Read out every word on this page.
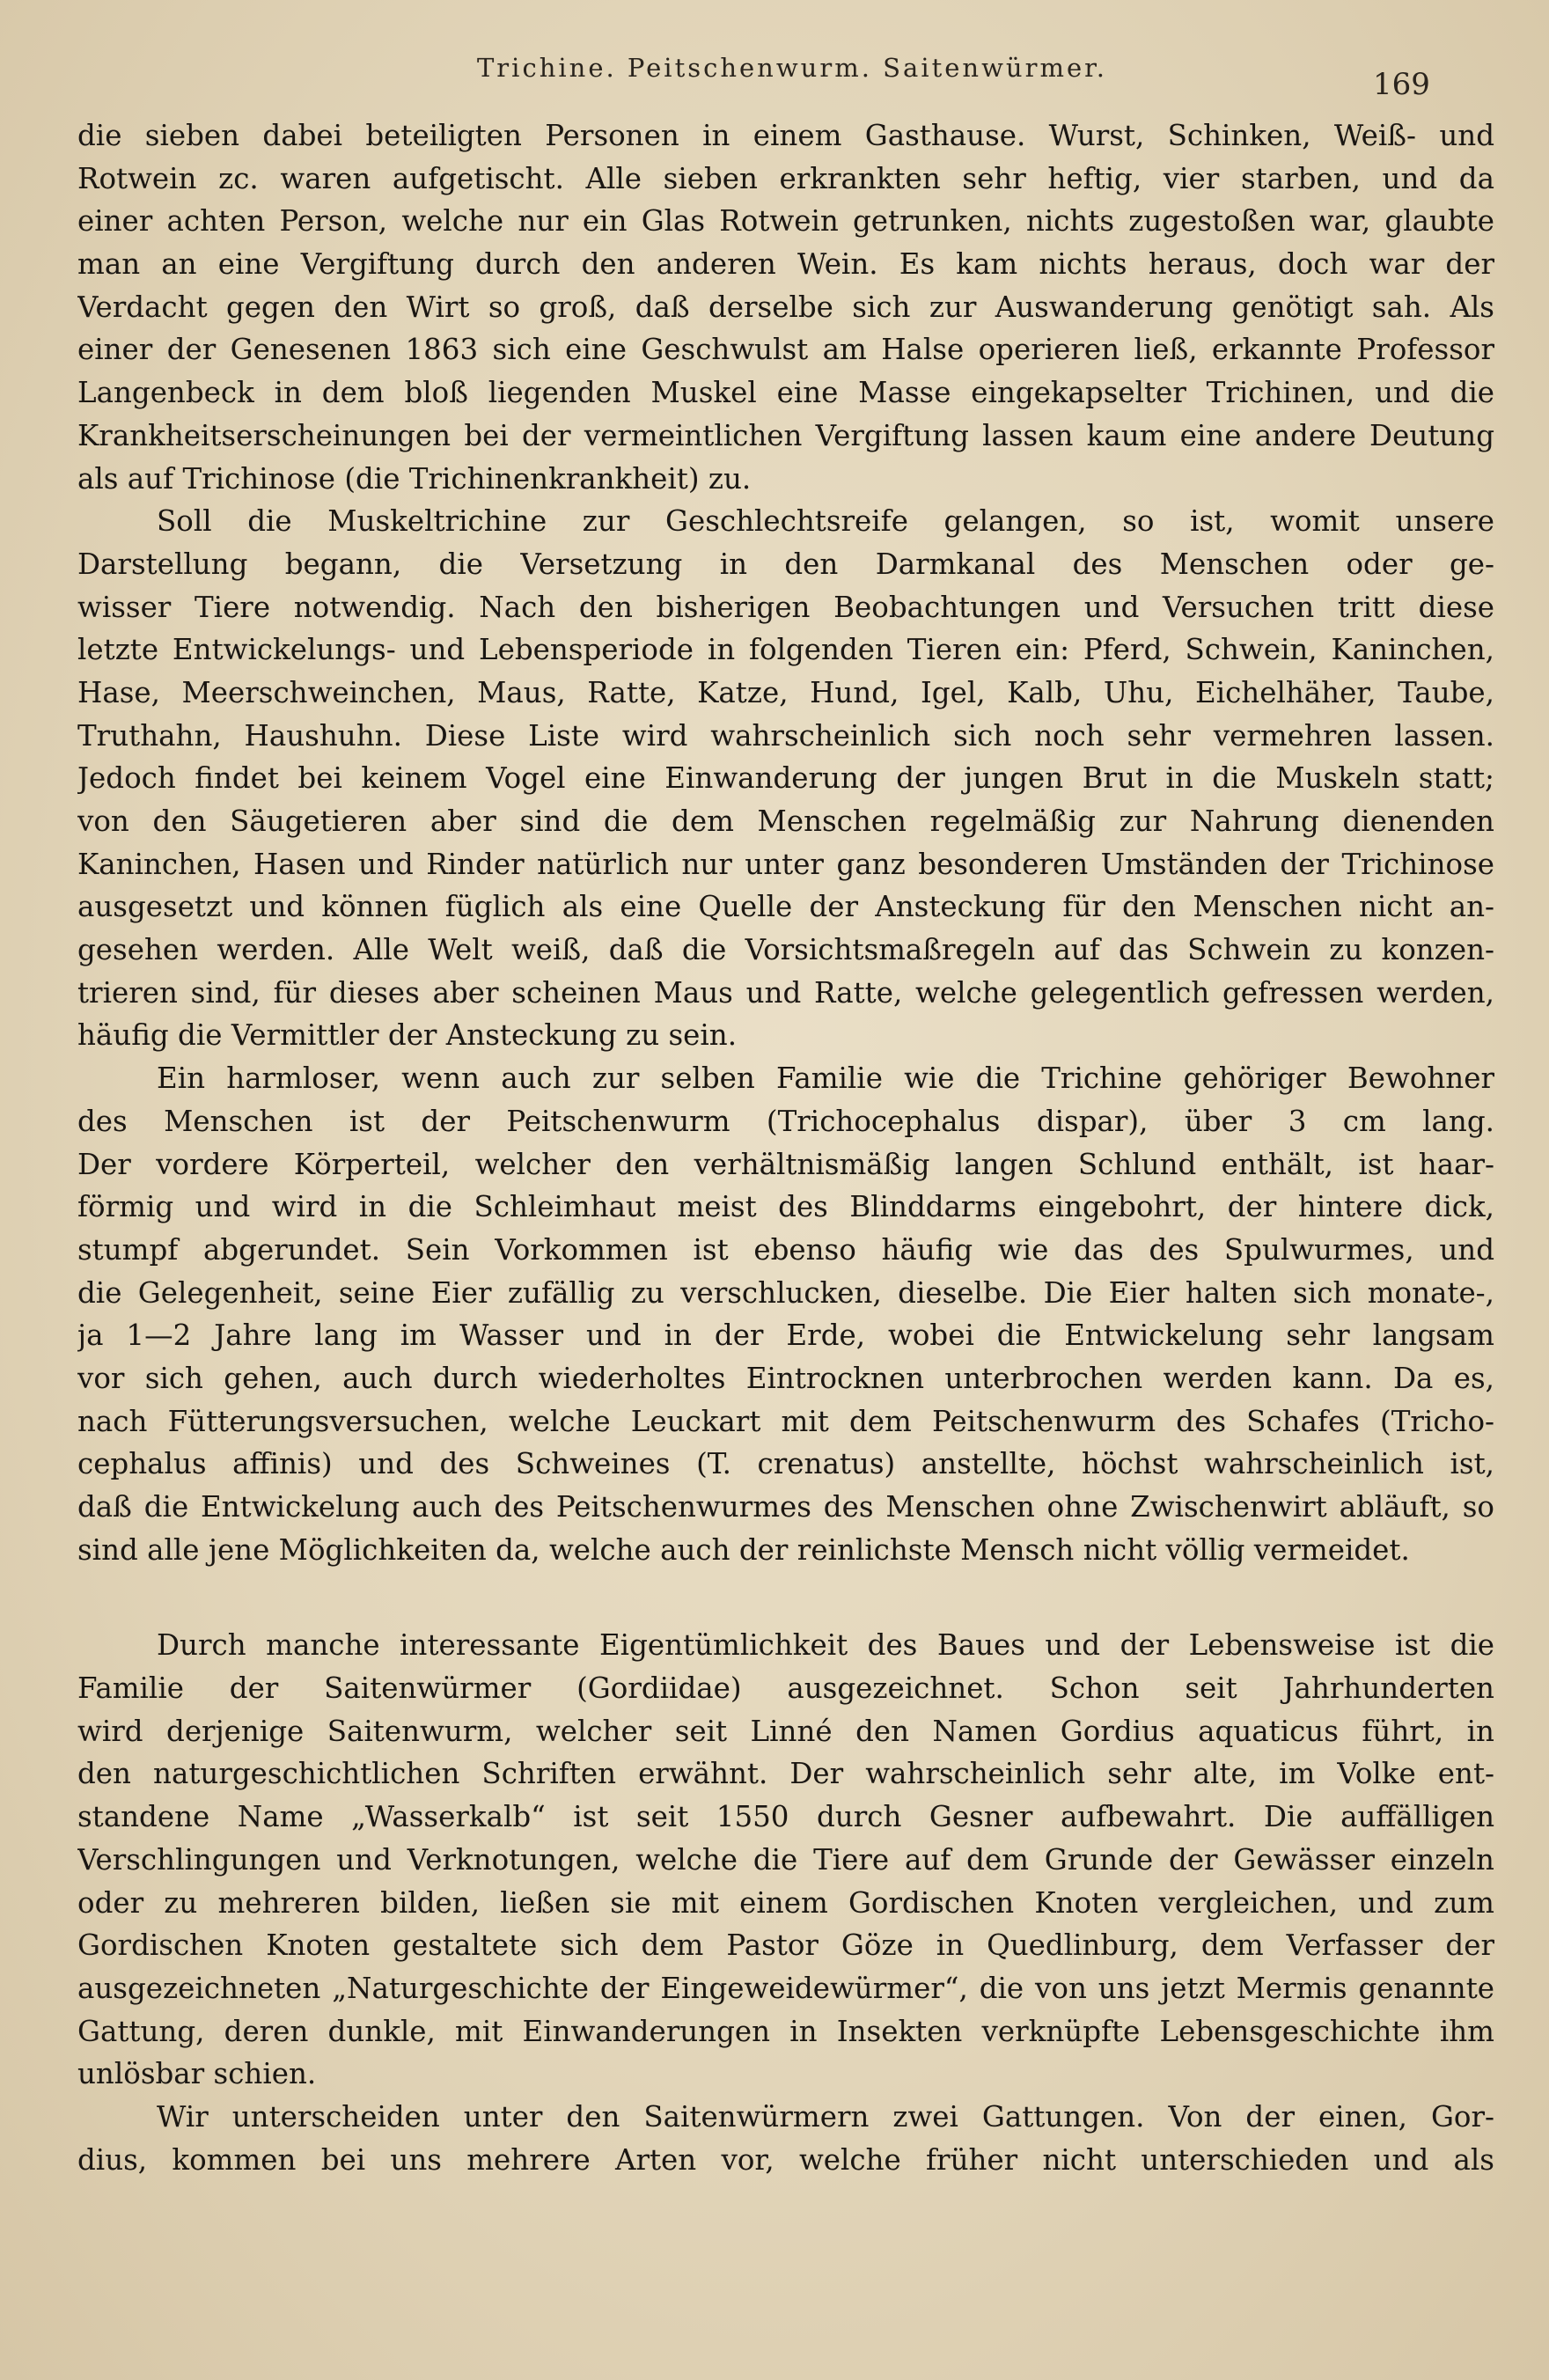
Trichine. Peitschenwurm. Saitenwürmer.	169
die sieben dabei beteiligten Personen in einem Gasthause. Wurst, Schinken, Weiß- und
Rotwein zc. waren aufgetischt. Alle sieben erkrankten sehr heftig, vier starben, und da
einer achten Person, welche nur ein Glas Rotwein getrunken, nichts zugestoßen war, glaubte
man an eine Vergiftung durch den anderen Wein. Es kam nichts heraus, doch war der
Verdacht gegen den Wirt so groß, daß derselbe sich zur Auswanderung genötigt sah. Als
einer der Genesenen 1863 sich eine Geschwulst am Halse operieren ließ, erkannte Professor
Langenbeck in dem bloß liegenden Muskel eine Masse eingekapselter Trichinen, und die
Krankheitserscheinungen bei der vermeintlichen Vergiftung lassen kaum eine andere Deutung
als auf Trichinose (die Trichinenkrankheit) zu.
Soll die Muskeltrichine zur Geschlechtsreife gelangen, so ist, womit unsere
Darstellung begann, die Versetzung in den Darmkanal des Menschen oder ge-
wisser Tiere notwendig. Nach den bisherigen Beobachtungen und Versuchen tritt diese
letzte Entwickelungs- und Lebensperiode in folgenden Tieren ein: Pferd, Schwein, Kaninchen,
Hase, Meerschweinchen, Maus, Ratte, Katze, Hund, Igel, Kalb, Uhu, Eichelhäher, Taube,
Truthahn, Haushuhn. Diese Liste wird wahrscheinlich sich noch sehr vermehren lassen.
Jedoch findet bei keinem Vogel eine Einwanderung der jungen Brut in die Muskeln statt;
von den Säugetieren aber sind die dem Menschen regelmäßig zur Nahrung dienenden
Kaninchen, Hasen und Rinder natürlich nur unter ganz besonderen Umständen der Trichinose
ausgesetzt und können füglich als eine Quelle der Ansteckung für den Menschen nicht an-
gesehen werden. Alle Welt weiß, daß die Vorsichtsmaßregeln auf das Schwein zu konzen-
trieren sind, für dieses aber scheinen Maus und Ratte, welche gelegentlich gefressen werden,
häufig die Vermittler der Ansteckung zu sein.
Ein harmloser, wenn auch zur selben Familie wie die Trichine gehöriger Bewohner
des Menschen ist der Peitschenwurm (Trichocephalus dispar), über 3 cm lang.
Der vordere Körperteil, welcher den verhältnismäßig langen Schlund enthält, ist haar-
förmig und wird in die Schleimhaut meist des Blinddarms eingebohrt, der hintere dick,
stumpf abgerundet. Sein Vorkommen ist ebenso häufig wie das des Spulwurmes, und
die Gelegenheit, seine Eier zufällig zu verschlucken, dieselbe. Die Eier halten sich monate-,
ja 1—2 Jahre lang im Wasser und in der Erde, wobei die Entwickelung sehr langsam
vor sich gehen, auch durch wiederholtes Eintrocknen unterbrochen werden kann. Da es,
nach Fütterungsversuchen, welche Leuckart mit dem Peitschenwurm des Schafes (Tricho-
cephalus affinis) und des Schweines (T. crenatus) anstellte, höchst wahrscheinlich ist,
daß die Entwickelung auch des Peitschenwurmes des Menschen ohne Zwischenwirt abläuft, so
sind alle jene Möglichkeiten da, welche auch der reinlichste Mensch nicht völlig vermeidet.
Durch manche interessante Eigentümlichkeit des Baues und der Lebensweise ist die
Familie der Saitenwürmer (Gordiidae) ausgezeichnet. Schon seit Jahrhunderten
wird derjenige Saitenwurm, welcher seit Linné den Namen Gordius aquaticus führt, in
den naturgeschichtlichen Schriften erwähnt. Der wahrscheinlich sehr alte, im Volke ent-
standene Name „Wasserkalb“ ist seit 1550 durch Gesner aufbewahrt. Die auffälligen
Verschlingungen und Verknotungen, welche die Tiere auf dem Grunde der Gewässer einzeln
oder zu mehreren bilden, ließen sie mit einem Gordischen Knoten vergleichen, und zum
Gordischen Knoten gestaltete sich dem Pastor Göze in Quedlinburg, dem Verfasser der
ausgezeichneten „Naturgeschichte der Eingeweidewürmer“, die von uns jetzt Mermis genannte
Gattung, deren dunkle, mit Einwanderungen in Insekten verknüpfte Lebensgeschichte ihm
unlösbar schien.
Wir unterscheiden unter den Saitenwürmern zwei Gattungen. Von der einen, Gor-
dius, kommen bei uns mehrere Arten vor, welche früher nicht unterschieden und als
